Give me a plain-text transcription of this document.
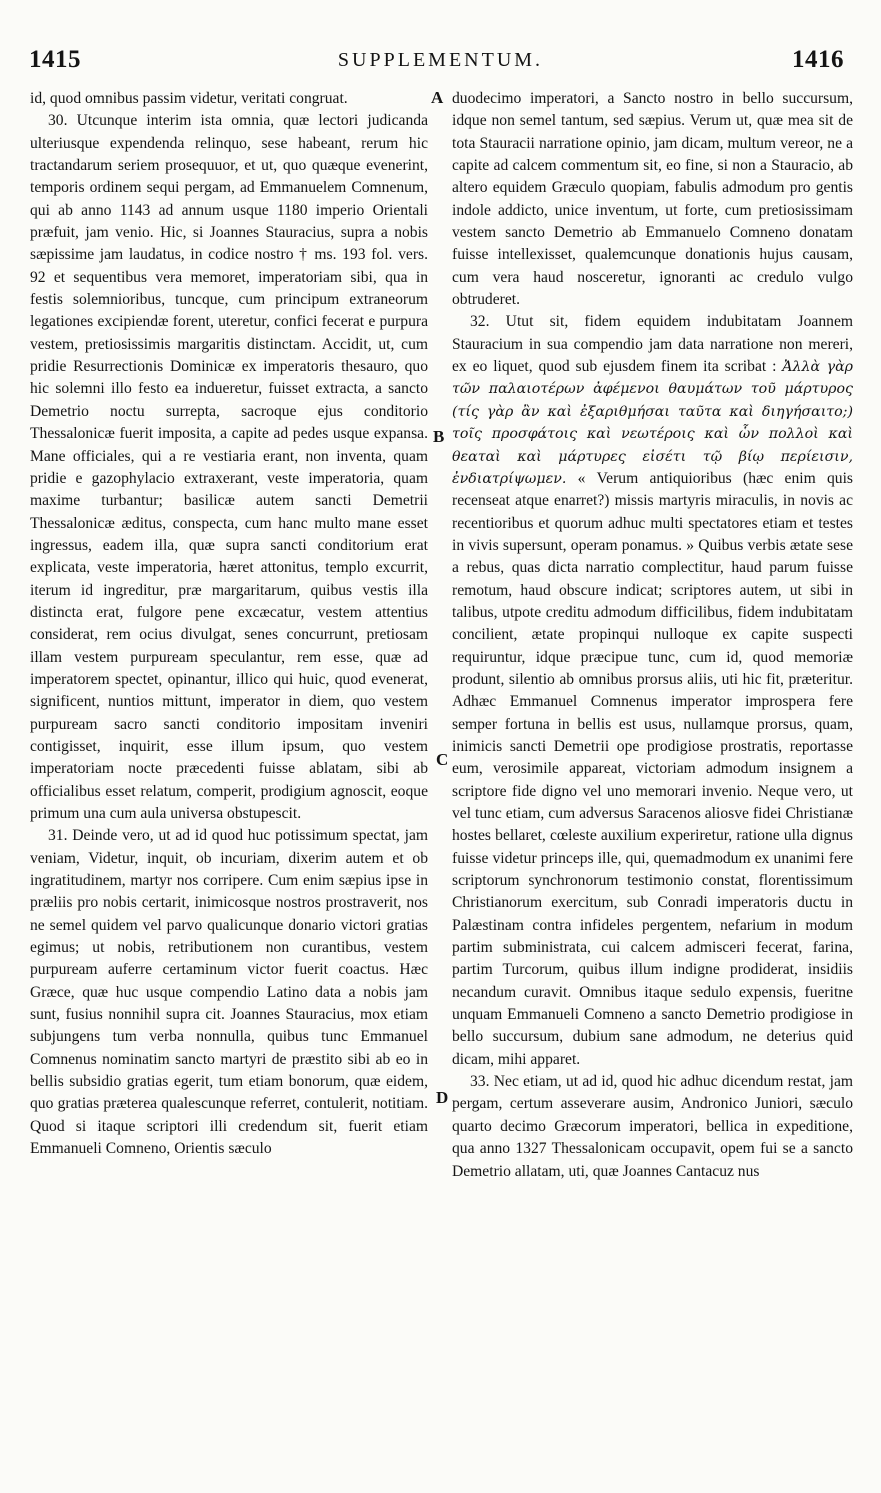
1415	SUPPLEMENTUM.	1416
A
B
C
D

id, quod omnibus passim videtur, veritati congruat.

30. Utcunque interim ista omnia, quæ lectori judicanda ulteriusque expendenda relinquo, sese habeant, rerum hic tractandarum seriem prosequuor, et ut, quo quæque evenerint, temporis ordinem sequi pergam, ad Emmanuelem Comnenum, qui ab anno 1143 ad annum usque 1180 imperio Orientali præfuit, jam venio. Hic, si Joannes Stauracius, supra a nobis sæpissime jam laudatus, in codice nostro † ms. 193 fol. vers. 92 et sequentibus vera memoret, imperatoriam sibi, qua in festis solemnioribus, tuncque, cum principum extraneorum legationes excipiendæ forent, uteretur, confici fecerat e purpura vestem, pretiosissimis margaritis distinctam. Accidit, ut, cum pridie Resurrectionis Dominicæ ex imperatoris thesauro, quo hic solemni illo festo ea indueretur, fuisset extracta, a sancto Demetrio noctu surrepta, sacroque ejus conditorio Thessalonicæ fuerit imposita, a capite ad pedes usque expansa. Mane officiales, qui a re vestiaria erant, non inventa, quam pridie e gazophylacio extraxerant, veste imperatoria, quam maxime turbantur; basilicæ autem sancti Demetrii Thessalonicæ æditus, conspecta, cum hanc multo mane esset ingressus, eadem illa, quæ supra sancti conditorium erat explicata, veste imperatoria, hæret attonitus, templo excurrit, iterum id ingreditur, præ margaritarum, quibus vestis illa distincta erat, fulgore pene excæcatur, vestem attentius considerat, rem ocius divulgat, senes concurrunt, pretiosam illam vestem purpuream speculantur, rem esse, quæ ad imperatorem spectet, opinantur, illico qui huic, quod evenerat, significent, nuntios mittunt, imperator in diem, quo vestem purpuream sacro sancti conditorio impositam inveniri contigisset, inquirit, esse illum ipsum, quo vestem imperatoriam nocte præcedenti fuisse ablatam, sibi ab officialibus esset relatum, comperit, prodigium agnoscit, eoque primum una cum aula universa obstupescit.

31. Deinde vero, ut ad id quod huc potissimum spectat, jam veniam, Videtur, inquit, ob incuriam, dixerim autem et ob ingratitudinem, martyr nos corripere. Cum enim sæpius ipse in præliis pro nobis certarit, inimicosque nostros prostraverit, nos ne semel quidem vel parvo qualicunque donario victori gratias egimus; ut nobis, retributionem non curantibus, vestem purpuream auferre certaminum victor fuerit coactus. Hæc Græce, quæ huc usque compendio Latino data a nobis jam sunt, fusius nonnihil supra cit. Joannes Stauracius, mox etiam subjungens tum verba nonnulla, quibus tunc Emmanuel Comnenus nominatim sancto martyri de præstito sibi ab eo in bellis subsidio gratias egerit, tum etiam bonorum, quæ eidem, quo gratias præterea qualescunque referret, contulerit, notitiam. Quod si itaque scriptori illi credendum sit, fuerit etiam Emmanueli Comneno, Orientis sæculo

duodecimo imperatori, a Sancto nostro in bello succursum, idque non semel tantum, sed sæpius. Verum ut, quæ mea sit de tota Stauracii narratione opinio, jam dicam, multum vereor, ne a capite ad calcem commentum sit, eo fine, si non a Stauracio, ab altero equidem Græculo quopiam, fabulis admodum pro gentis indole addicto, unice inventum, ut forte, cum pretiosissimam vestem sancto Demetrio ab Emmanuelo Comneno donatam fuisse intellexisset, qualemcunque donationis hujus causam, cum vera haud nosceretur, ignoranti ac credulo vulgo obtruderet.

32. Utut sit, fidem equidem indubitatam Joannem Stauracium in sua compendio jam data narratione non mereri, ex eo liquet, quod sub ejusdem finem ita scribat : Ἀλλὰ γὰρ τῶν παλαιοτέρων ἀφέμενοι θαυμάτων τοῦ μάρτυρος (τίς γὰρ ἂν καὶ ἐξαριθμήσαι ταῦτα καὶ διηγήσαιτο;) τοῖς προσφάτοις καὶ νεωτέροις καὶ ὧν πολλοὶ καὶ θεαταὶ καὶ μάρτυρες εἰσέτι τῷ βίῳ περίεισιν, ἐνδιατρίψωμεν. « Verum antiquioribus (hæc enim quis recenseat atque enarret?) missis martyris miraculis, in novis ac recentioribus et quorum adhuc multi spectatores etiam et testes in vivis supersunt, operam ponamus. » Quibus verbis ætate sese a rebus, quas dicta narratio complectitur, haud parum fuisse remotum, haud obscure indicat; scriptores autem, ut sibi in talibus, utpote creditu admodum difficilibus, fidem indubitatam concilient, ætate propinqui nulloque ex capite suspecti requiruntur, idque præcipue tunc, cum id, quod memoriæ produnt, silentio ab omnibus prorsus aliis, uti hic fit, præteritur. Adhæc Emmanuel Comnenus imperator improspera fere semper fortuna in bellis est usus, nullamque prorsus, quam, inimicis sancti Demetrii ope prodigiose prostratis, reportasse eum, verosimile appareat, victoriam admodum insignem a scriptore fide digno vel uno memorari invenio. Neque vero, ut vel tunc etiam, cum adversus Saracenos aliosve fidei Christianæ hostes bellaret, cœleste auxilium experiretur, ratione ulla dignus fuisse videtur princeps ille, qui, quemadmodum ex unanimi fere scriptorum synchronorum testimonio constat, florentissimum Christianorum exercitum, sub Conradi imperatoris ductu in Palæstinam contra infideles pergentem, nefarium in modum partim subministrata, cui calcem admisceri fecerat, farina, partim Turcorum, quibus illum indigne prodiderat, insidiis necandum curavit. Omnibus itaque sedulo expensis, fueritne unquam Emmanueli Comneno a sancto Demetrio prodigiose in bello succursum, dubium sane admodum, ne deterius quid dicam, mihi apparet.

33. Nec etiam, ut ad id, quod hic adhuc dicendum restat, jam pergam, certum asseverare ausim, Andronico Juniori, sæculo quarto decimo Græcorum imperatori, bellica in expeditione, qua anno 1327 Thessalonicam occupavit, opem fui se a sancto Demetrio allatam, uti, quæ Joannes Cantacuz nus
